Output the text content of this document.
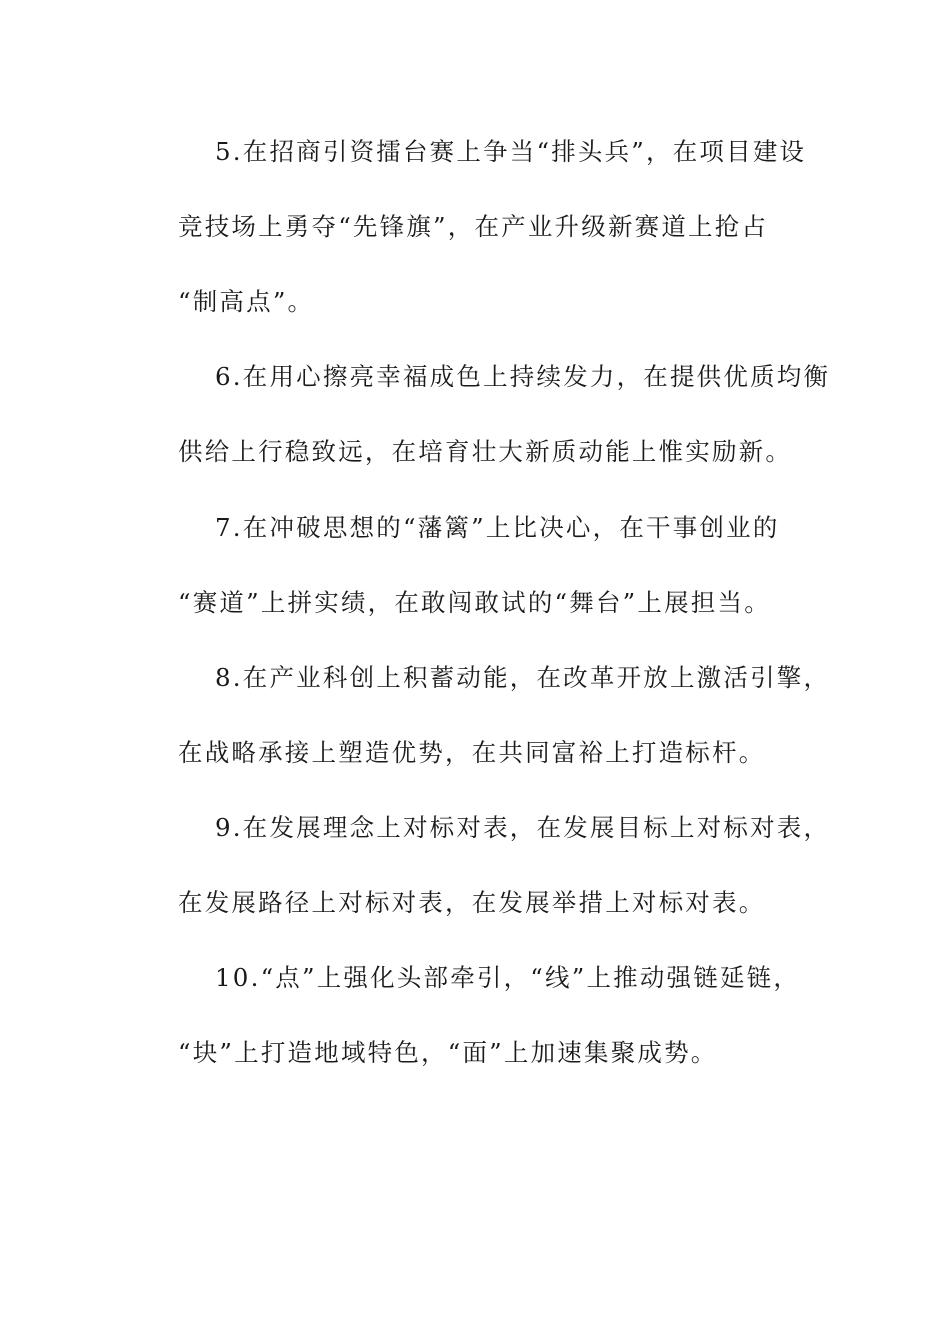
5.在招商引资擂台赛上争当“排头兵”，在项目建设
竞技场上勇夺“先锋旗”，在产业升级新赛道上抢占
“制高点”。
6.在用心擦亮幸福成色上持续发力，在提供优质均衡
供给上行稳致远，在培育壮大新质动能上惟实励新。
7.在冲破思想的“藩篱”上比决心，在干事创业的
“赛道”上拼实绩，在敢闯敢试的“舞台”上展担当。
8.在产业科创上积蓄动能，在改革开放上激活引擎，
在战略承接上塑造优势，在共同富裕上打造标杆。
9.在发展理念上对标对表，在发展目标上对标对表，
在发展路径上对标对表，在发展举措上对标对表。
10.“点”上强化头部牵引，“线”上推动强链延链，
“块”上打造地域特色，“面”上加速集聚成势。
